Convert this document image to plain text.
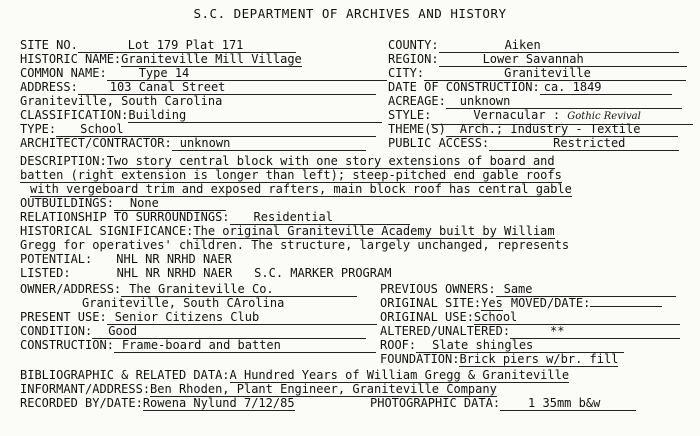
S.C. DEPARTMENT OF ARCHIVES AND HISTORY
SITE NO.	Lot 179 Plat 171
HISTORIC NAME:Graniteville Mill Village
COMMON NAME:	Type 14
ADDRESS:	103 Canal Street
Graniteville, South Carolina
CLASSIFICATION:Building
TYPE: School
ARCHITECT/CONTRACTOR: unknown
COUNTY:	Aiken
REGION:	Lower Savannah
CITY:	Graniteville
DATE OF CONSTRUCTION: ca. 1849
ACREAGE: unknown
STYLE:	Vernacular : Gothic Revival
THEME(S) Arch.; Industry - Textile
PUBLIC ACCESS:	Restricted
DESCRIPTION:Two story central block with one story extensions of board and
batten (right extension is longer than left); steep-pitched end gable roofs
with vergeboard trim and exposed rafters, main block roof has central gable
OUTBUILDINGS: None
RELATIONSHIP TO SURROUNDINGS: Residential
HISTORICAL SIGNIFICANCE:The original Graniteville Academy built by William
Gregg for operatives' children. The structure, largely unchanged, represents
POTENTIAL: NHL NR NRHD NAER
LISTED:	NHL NR NRHD NAER S.C. MARKER PROGRAM
OWNER/ADDRESS: The Graniteville Co.
Graniteville, South CArolina
PRESENT USE: Senior Citizens Club
CONDITION: Good
CONSTRUCTION: Frame-board and batten
PREVIOUS OWNERS: Same
ORIGINAL SITE:Yes MOVED/DATE:
ORIGINAL USE:School
ALTERED/UNALTERED:	**
ROOF: Slate shingles
FOUNDATION:Brick piers w/br. fill
BIBLIOGRAPHIC & RELATED DATA:A Hundred Years of William Gregg & Graniteville
INFORMANT/ADDRESS:Ben Rhoden, Plant Engineer, Graniteville Company
RECORDED BY/DATE:Rowena Nylund 7/12/85	PHOTOGRAPHIC DATA: 1 35mm b&w
